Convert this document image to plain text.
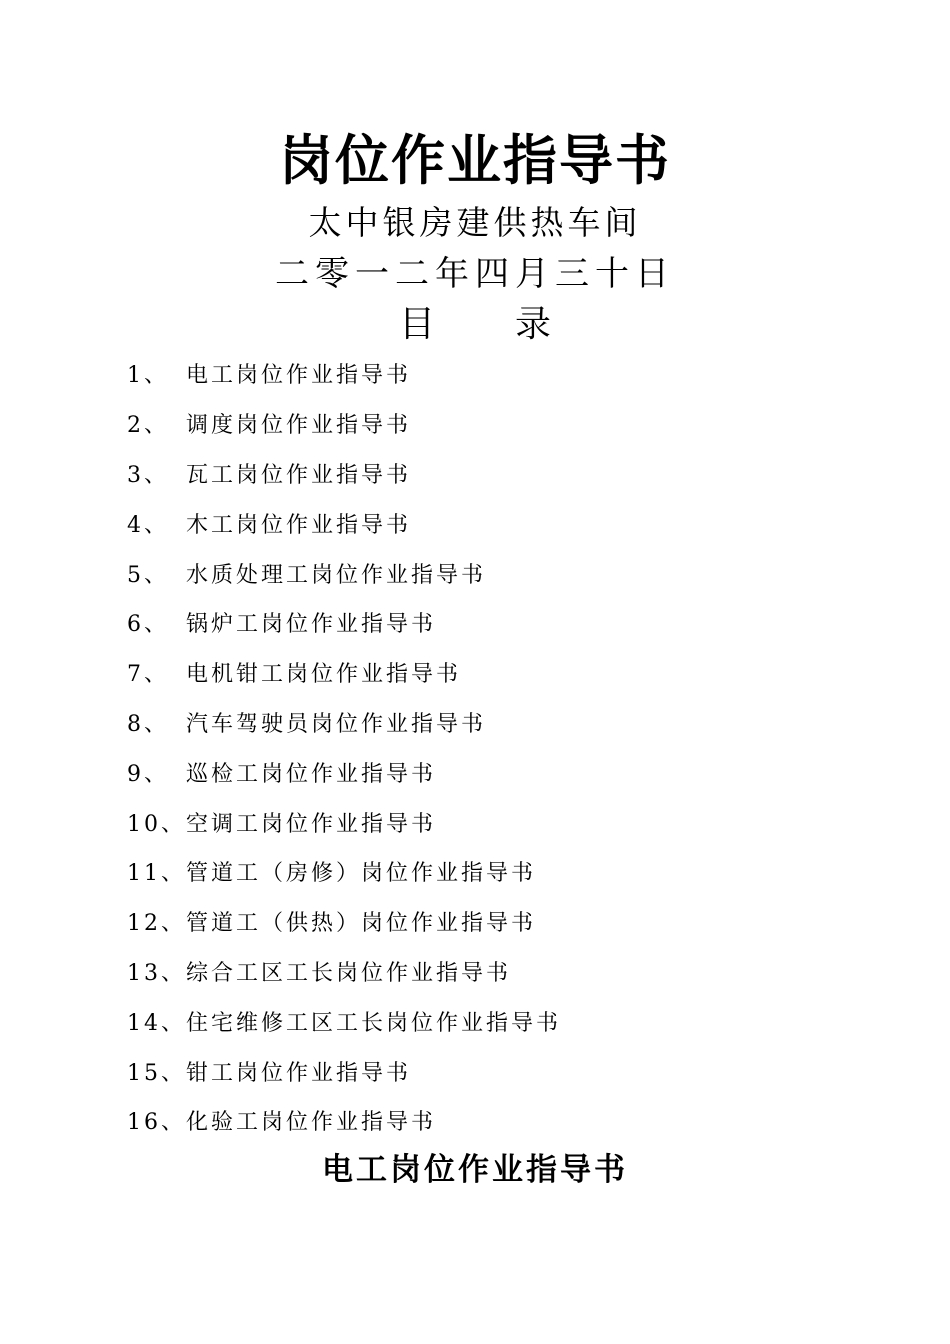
岗位作业指导书
太中银房建供热车间
二零一二年四月三十日
目 录
1、 电工岗位作业指导书
2、 调度岗位作业指导书
3、 瓦工岗位作业指导书
4、 木工岗位作业指导书
5、 水质处理工岗位作业指导书
6、 锅炉工岗位作业指导书
7、 电机钳工岗位作业指导书
8、 汽车驾驶员岗位作业指导书
9、 巡检工岗位作业指导书
10、 空调工岗位作业指导书
11、 管道工（房修）岗位作业指导书
12、 管道工（供热）岗位作业指导书
13、 综合工区工长岗位作业指导书
14、 住宅维修工区工长岗位作业指导书
15、 钳工岗位作业指导书
16、 化验工岗位作业指导书
电工岗位作业指导书
